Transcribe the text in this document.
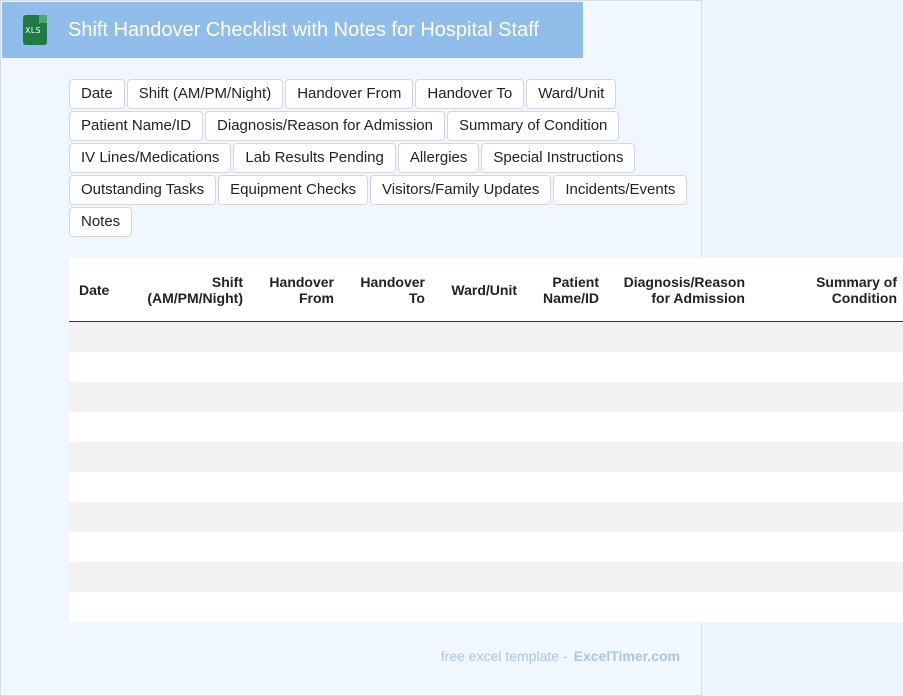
XLS Shift Handover Checklist with Notes for Hospital Staff
Date	Shift (AM/PM/Night)	Handover From	Handover To	Ward/Unit
Patient Name/ID	Diagnosis/Reason for Admission	Summary of Condition
IV Lines/Medications	Lab Results Pending	Allergies	Special Instructions
Outstanding Tasks	Equipment Checks	Visitors/Family Updates	Incidents/Events
Notes
Date	Shift (AM/PM/Night)	Handover From	Handover To	Ward/Unit	Patient Name/ID	Diagnosis/Reason for Admission	Summary of Condition

free excel template - ExcelTimer.com
